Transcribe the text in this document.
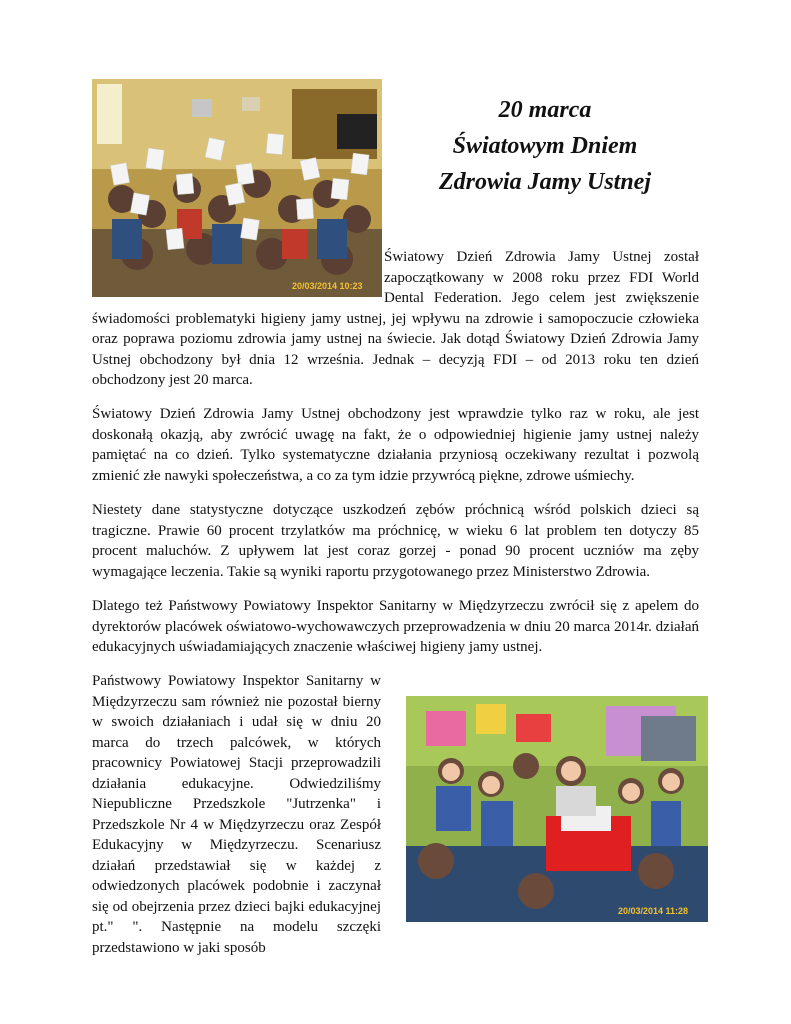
20/03/2014 10:23
20 marca
Światowym Dniem
Zdrowia Jamy Ustnej
Światowy Dzień Zdrowia Jamy Ustnej został zapoczątkowany w 2008 roku przez FDI World Dental Federation. Jego celem jest zwiększenie świadomości problematyki higieny jamy ustnej, jej wpływu na zdrowie i samopoczucie człowieka oraz poprawa poziomu zdrowia jamy ustnej na świecie. Jak dotąd Światowy Dzień Zdrowia Jamy Ustnej obchodzony był dnia 12 września. Jednak – decyzją FDI – od 2013 roku ten dzień obchodzony jest 20 marca.

Światowy Dzień Zdrowia Jamy Ustnej obchodzony jest wprawdzie tylko raz w roku, ale jest doskonałą okazją, aby zwrócić uwagę na fakt, że o odpowiedniej higienie jamy ustnej należy pamiętać na co dzień. Tylko systematyczne działania przyniosą oczekiwany rezultat i pozwolą zmienić złe nawyki społeczeństwa, a co za tym idzie przywrócą piękne, zdrowe uśmiechy.

Niestety dane statystyczne dotyczące uszkodzeń zębów próchnicą wśród polskich dzieci są tragiczne. Prawie 60 procent trzylatków ma próchnicę, w wieku 6 lat problem ten dotyczy 85 procent maluchów. Z upływem lat jest coraz gorzej - ponad 90 procent uczniów ma zęby wymagające leczenia. Takie są wyniki raportu przygotowanego przez Ministerstwo Zdrowia.

Dlatego też Państwowy Powiatowy Inspektor Sanitarny w Międzyrzeczu zwrócił się z apelem do dyrektorów placówek oświatowo-wychowawczych przeprowadzenia w dniu 20 marca 2014r. działań edukacyjnych uświadamiających znaczenie właściwej higieny jamy ustnej.

Państwowy Powiatowy Inspektor Sanitarny w Międzyrzeczu sam również nie pozostał bierny w swoich działaniach i udał się w dniu 20 marca do trzech palcówek, w których pracownicy Powiatowej Stacji przeprowadzili działania edukacyjne. Odwiedziliśmy Niepubliczne Przedszkole "Jutrzenka" i Przedszkole Nr 4 w Międzyrzeczu oraz Zespół Edukacyjny w Międzyrzeczu. Scenariusz działań przedstawiał się w każdej z odwiedzonych placówek podobnie i zaczynał się od obejrzenia przez dzieci bajki edukacyjnej pt." ". Następnie na modelu szczęki przedstawiono w jaki sposób
20/03/2014 11:28
